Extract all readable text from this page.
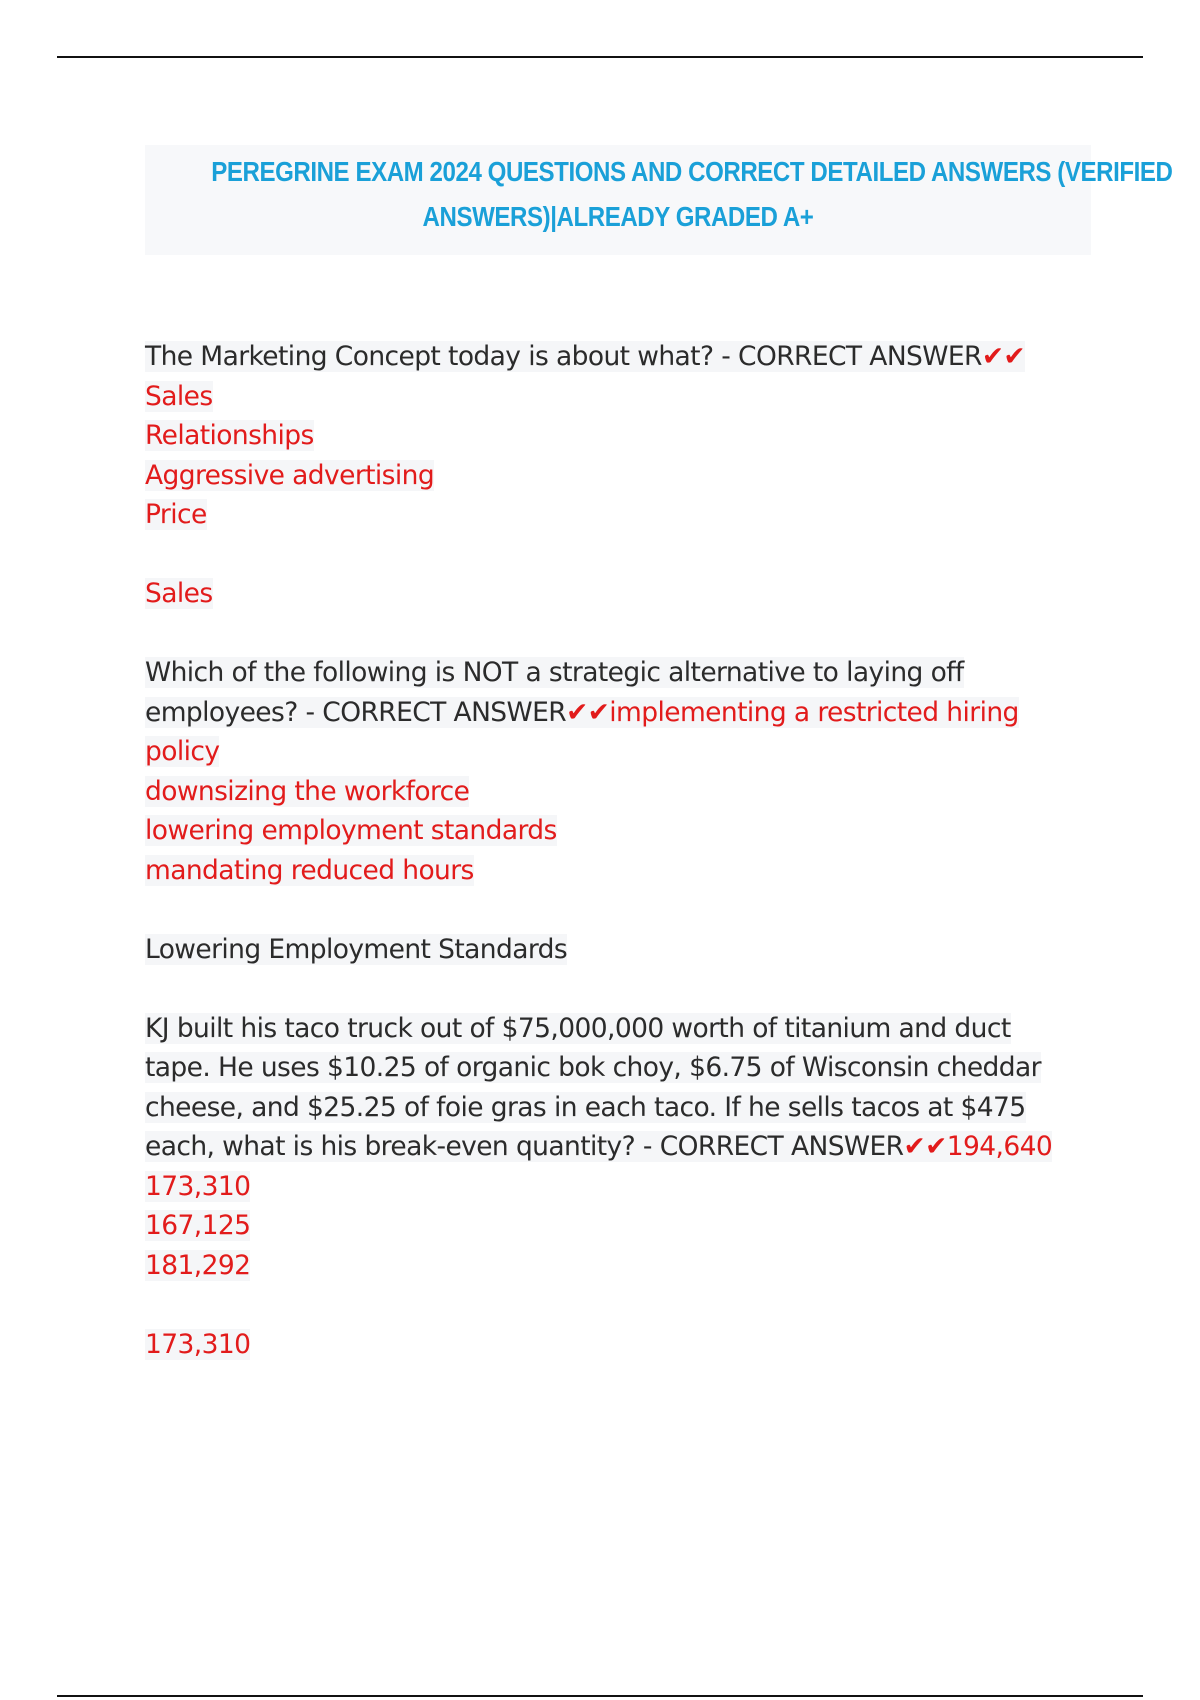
PEREGRINE EXAM 2024 QUESTIONS AND CORRECT DETAILED ANSWERS (VERIFIED
ANSWERS)|ALREADY GRADED A+
The Marketing Concept today is about what? - CORRECT ANSWER✔✔
Sales
Relationships
Aggressive advertising
Price
Sales
Which of the following is NOT a strategic alternative to laying off
employees? - CORRECT ANSWER✔✔implementing a restricted hiring
policy
downsizing the workforce
lowering employment standards
mandating reduced hours
Lowering Employment Standards
KJ built his taco truck out of $75,000,000 worth of titanium and duct
tape. He uses $10.25 of organic bok choy, $6.75 of Wisconsin cheddar
cheese, and $25.25 of foie gras in each taco. If he sells tacos at $475
each, what is his break-even quantity? - CORRECT ANSWER✔✔194,640
173,310
167,125
181,292
173,310
